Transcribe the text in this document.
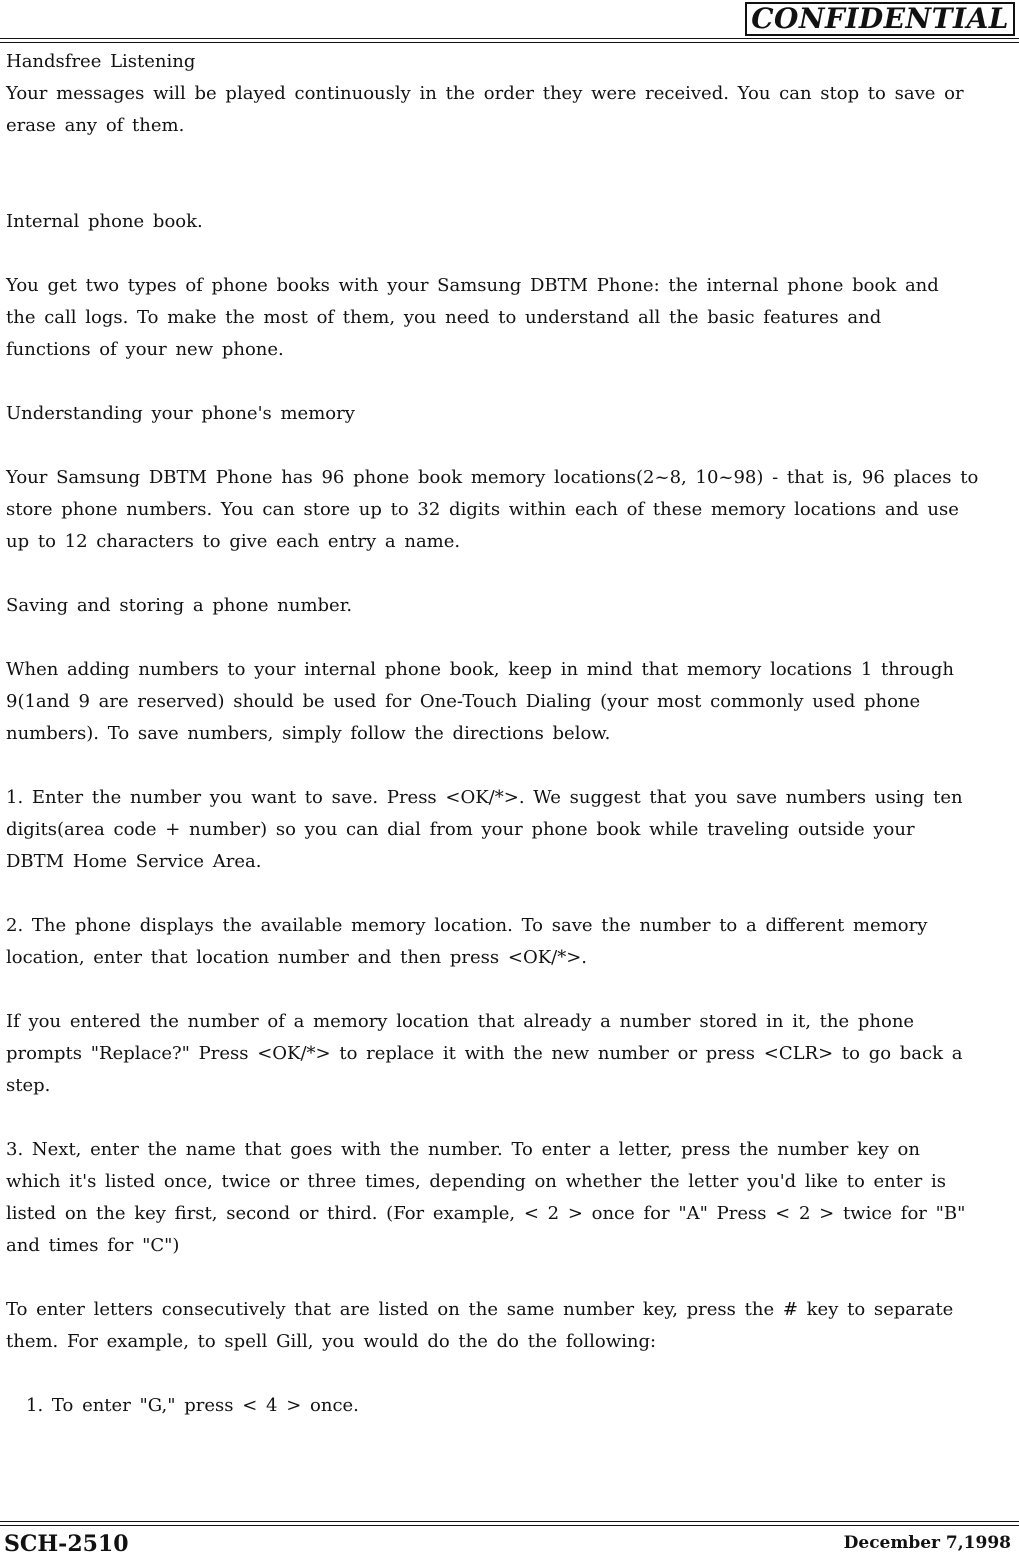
CONFIDENTIAL
Handsfree Listening
Your messages will be played continuously in the order they were received. You can stop to save or
erase any of them.
Internal phone book.
You get two types of phone books with your Samsung DBTM Phone: the internal phone book and
the call logs. To make the most of them, you need to understand all the basic features and
functions of your new phone.
Understanding your phone's memory
Your Samsung DBTM Phone has 96 phone book memory locations(2~8, 10~98) - that is, 96 places to
store phone numbers. You can store up to 32 digits within each of these memory locations and use
up to 12 characters to give each entry a name.
Saving and storing a phone number.
When adding numbers to your internal phone book, keep in mind that memory locations 1 through
9(1and 9 are reserved) should be used for One-Touch Dialing (your most commonly used phone
numbers). To save numbers, simply follow the directions below.
1. Enter the number you want to save. Press <OK/*>. We suggest that you save numbers using ten
digits(area code + number) so you can dial from your phone book while traveling outside your
DBTM Home Service Area.
2. The phone displays the available memory location. To save the number to a different memory
location, enter that location number and then press <OK/*>.
If you entered the number of a memory location that already a number stored in it, the phone
prompts "Replace?" Press <OK/*> to replace it with the new number or press <CLR> to go back a
step.
3. Next, enter the name that goes with the number. To enter a letter, press the number key on
which it's listed once, twice or three times, depending on whether the letter you'd like to enter is
listed on the key first, second or third. (For example, < 2 > once for "A" Press < 2 > twice for "B"
and times for "C")
To enter letters consecutively that are listed on the same number key, press the # key to separate
them. For example, to spell Gill, you would do the do the following:
1. To enter "G," press < 4 > once.
SCH-2510	December 7,1998
